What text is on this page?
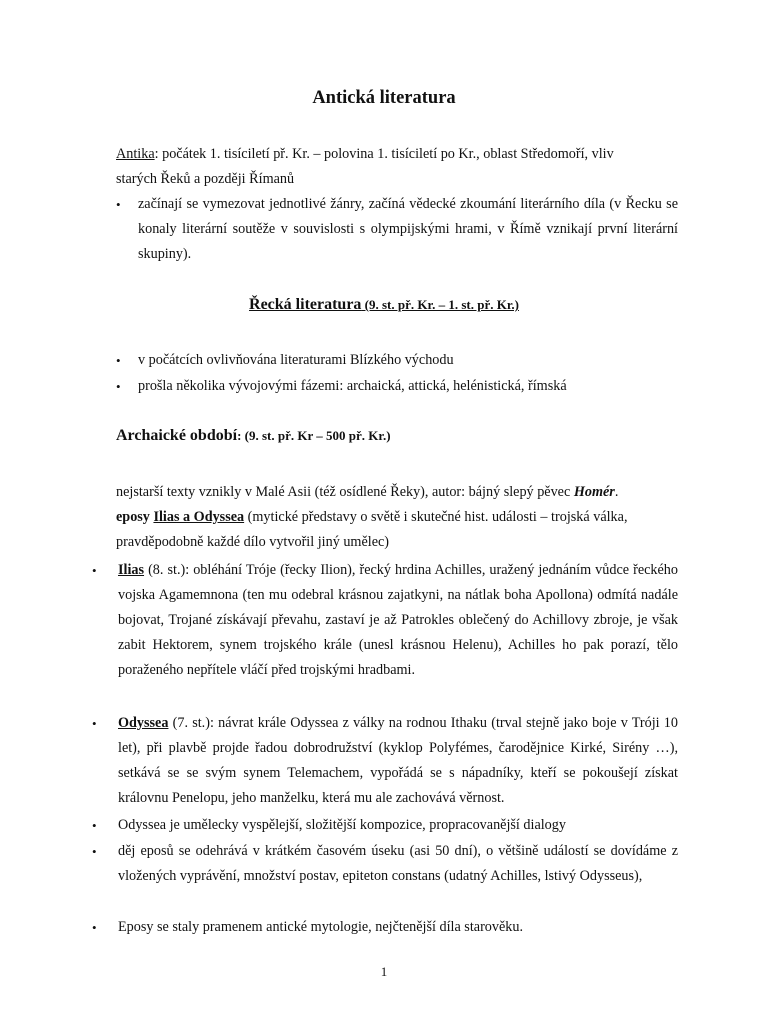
Antická literatura
Antika: počátek 1. tisíciletí př. Kr. – polovina 1. tisíciletí po Kr., oblast Středomoří, vliv
starých Řeků a později Římanů
•	začínají se vymezovat jednotlivé žánry, začíná vědecké zkoumání literárního díla (v Řecku se konaly literární soutěže v souvislosti s olympijskými hrami, v Římě vznikají první literární skupiny).
Řecká literatura (9. st. př. Kr. – 1. st. př. Kr.)
•	v počátcích ovlivňována literaturami Blízkého východu
•	prošla několika vývojovými fázemi: archaická, attická, helénistická, římská
Archaické období: (9. st. př. Kr – 500 př. Kr.)
nejstarší texty vznikly v Malé Asii (též osídlené Řeky), autor: bájný slepý pěvec Homér.
eposy Ilias a Odyssea (mytické představy o světě i skutečné hist. události – trojská válka,
pravděpodobně každé dílo vytvořil jiný umělec)
•	Ilias (8. st.): obléhání Tróje (řecky Ilion), řecký hrdina Achilles, uražený jednáním vůdce řeckého vojska Agamemnona (ten mu odebral krásnou zajatkyni, na nátlak boha Apollona) odmítá nadále bojovat, Trojané získávají převahu, zastaví je až Patrokles oblečený do Achillovy zbroje, je však zabit Hektorem, synem trojského krále (unesl krásnou Helenu), Achilles ho pak porazí, tělo poraženého nepřítele vláčí před trojskými hradbami.
•	Odyssea (7. st.): návrat krále Odyssea z války na rodnou Ithaku (trval stejně jako boje v Tróji 10 let), při plavbě projde řadou dobrodružství (kyklop Polyfémes, čarodějnice Kirké, Sirény …), setkává se se svým synem Telemachem, vypořádá se s nápadníky, kteří se pokoušejí získat královnu Penelopu, jeho manželku, která mu ale zachovává věrnost.
•	Odyssea je umělecky vyspělejší, složitější kompozice, propracovanější dialogy
•	děj eposů se odehrává v krátkém časovém úseku (asi 50 dní), o většině událostí se dovídáme z vložených vyprávění, množství postav, epiteton constans (udatný Achilles, lstivý Odysseus),
•	Eposy se staly pramenem antické mytologie, nejčtenější díla starověku.
1
